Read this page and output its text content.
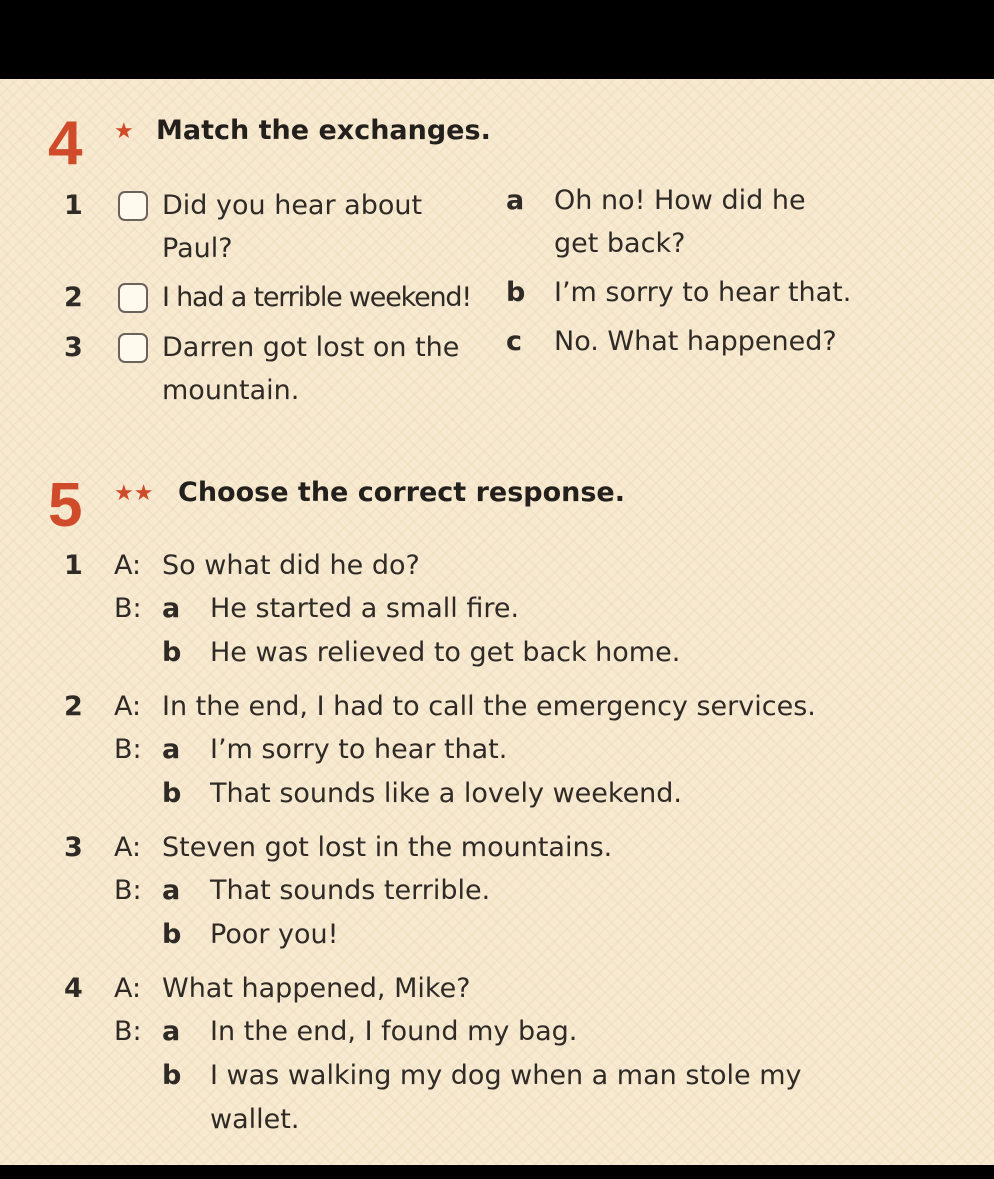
4 ★ Match the exchanges.
1	Did you hear about Paul?
2	I had a terrible weekend!
3	Darren got lost on the mountain.
a Oh no! How did he get back?
b I’m sorry to hear that.
c No. What happened?
5 ★★ Choose the correct response.
1 A: So what did he do?
B: a He started a small fire.
b He was relieved to get back home.
2 A: In the end, I had to call the emergency services.
B: a I’m sorry to hear that.
b That sounds like a lovely weekend.
3 A: Steven got lost in the mountains.
B: a That sounds terrible.
b Poor you!
4 A: What happened, Mike?
B: a In the end, I found my bag.
b I was walking my dog when a man stole my wallet.
